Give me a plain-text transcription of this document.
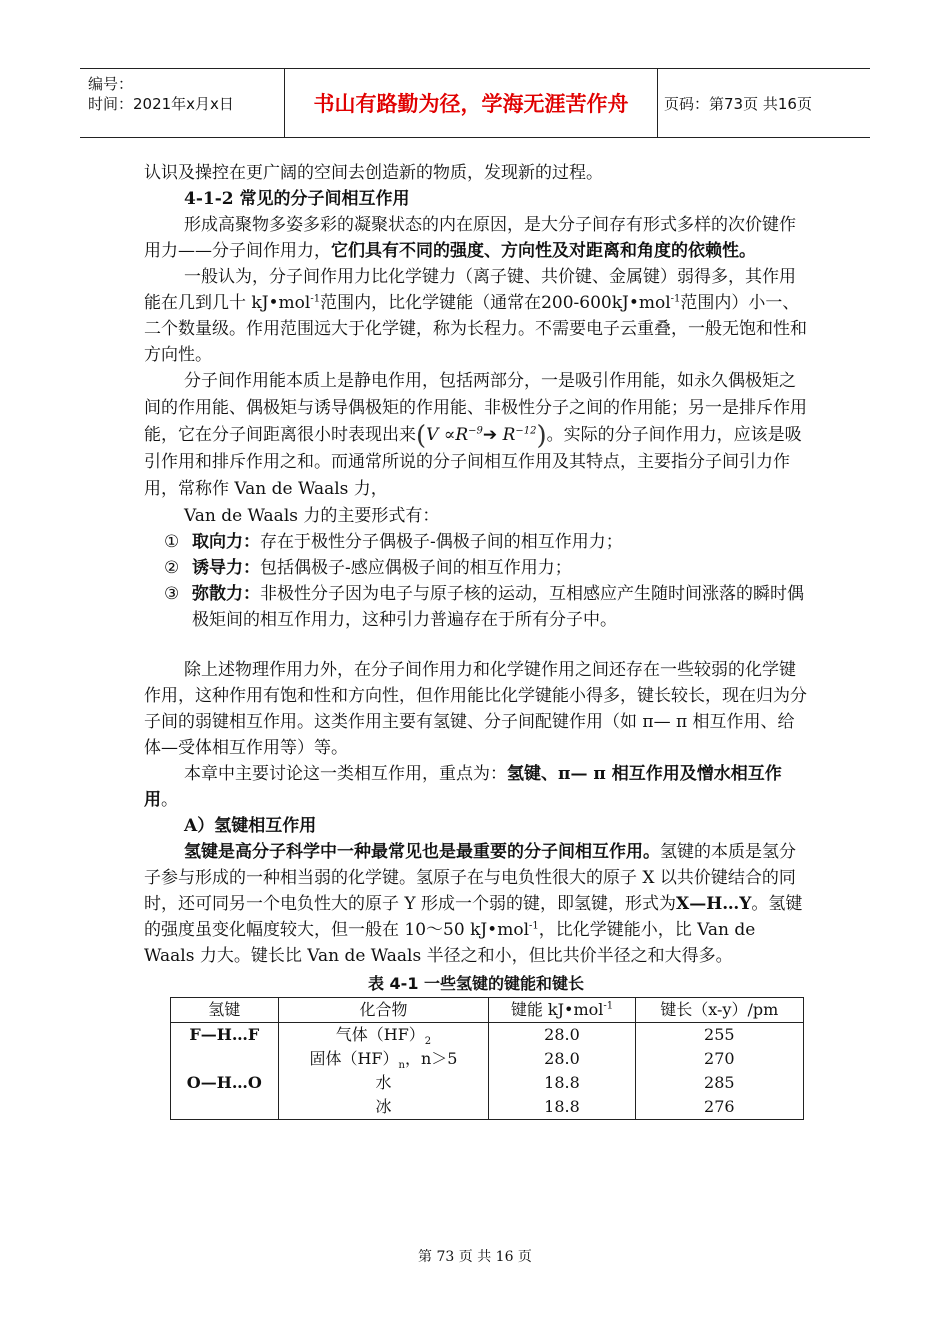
编号：
时间：2021年x月x日	书山有路勤为径，学海无涯苦作舟	页码：第73页 共16页

认识及操控在更广阔的空间去创造新的物质，发现新的过程。

4-1-2 常见的分子间相互作用

形成高聚物多姿多彩的凝聚状态的内在原因，是大分子间存有形式多样的次价键作用力——分子间作用力，它们具有不同的强度、方向性及对距离和角度的依赖性。

一般认为，分子间作用力比化学键力（离子键、共价键、金属键）弱得多，其作用能在几到几十 kJ•mol$^{-1}$范围内，比化学键能（通常在200-600kJ•mol$^{-1}$范围内）小一、二个数量级。作用范围远大于化学键，称为长程力。不需要电子云重叠，一般无饱和性和方向性。

分子间作用能本质上是静电作用，包括两部分，一是吸引作用能，如永久偶极矩之间的作用能、偶极矩与诱导偶极矩的作用能、非极性分子之间的作用能；另一是排斥作用能，它在分子间距离很小时表现出来($V \propto R^{-9}➔$ $R^{-12}$)。实际的分子间作用力，应该是吸引作用和排斥作用之和。而通常所说的分子间相互作用及其特点，主要指分子间引力作用，常称作 Van de Waals 力，

Van de Waals 力的主要形式有：

① 取向力：存在于极性分子偶极子-偶极子间的相互作用力；
② 诱导力：包括偶极子-感应偶极子间的相互作用力；
③ 弥散力：非极性分子因为电子与原子核的运动，互相感应产生随时间涨落的瞬时偶极矩间的相互作用力，这种引力普遍存在于所有分子中。

除上述物理作用力外，在分子间作用力和化学键作用之间还存在一些较弱的化学键作用，这种作用有饱和性和方向性，但作用能比化学键能小得多，键长较长，现在归为分子间的弱键相互作用。这类作用主要有氢键、分子间配键作用（如 π— π 相互作用、给体—受体相互作用等）等。

本章中主要讨论这一类相互作用，重点为：氢键、π— π 相互作用及憎水相互作用。

A）氢键相互作用

氢键是高分子科学中一种最常见也是最重要的分子间相互作用。氢键的本质是氢分子参与形成的一种相当弱的化学键。氢原子在与电负性很大的原子 X 以共价键结合的同时，还可同另一个电负性大的原子 Y 形成一个弱的键，即氢键，形式为X—H…Y。氢键的强度虽变化幅度较大，但一般在 10～50 kJ•mol$^{-1}$，比化学键能小，比 Van de Waals 力大。键长比 Van de Waals 半径之和小，但比共价半径之和大得多。

表 4-1 一些氢键的键能和键长
氢键	化合物	键能 kJ•mol$^{-1}$	键长（x-y）/pm
F—H…F	气体$(HF)_2$	28.0	255
	固体$(HF)_n$，n＞5	28.0	270
O—H…O	水	18.8	285
	冰	18.8	276
第 73 页 共 16 页
